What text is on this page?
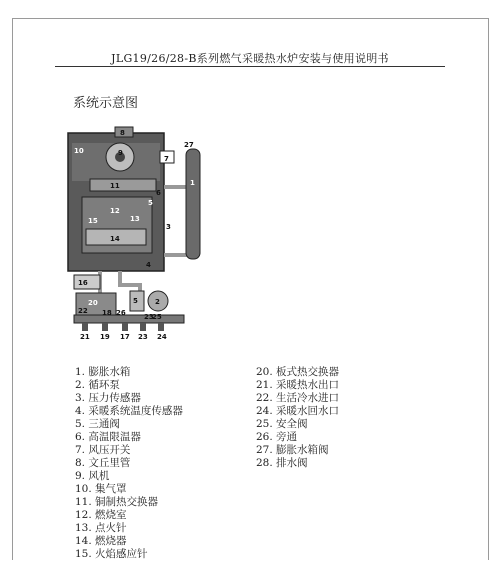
JLG19/26/28-B系列燃气采暖热水炉安装与使用说明书
系统示意图
8
10
6
7
9
11
5
12
13
15
3
14
4
16
20
18 26
22
5 2
23
25
21 19 17 23 24
27
1
1. 膨胀水箱
2. 循环泵
3. 压力传感器
4. 采暖系统温度传感器
5. 三通阀
6. 高温限温器
7. 风压开关
8. 文丘里管
9. 风机
10. 集气罩
11. 铜制热交换器
12. 燃烧室
13. 点火针
14. 燃烧器
15. 火焰感应针
20. 板式热交换器
21. 采暖热水出口
22. 生活冷水进口
24. 采暖水回水口
25. 安全阀
26. 旁通
27. 膨胀水箱阀
28. 排水阀
